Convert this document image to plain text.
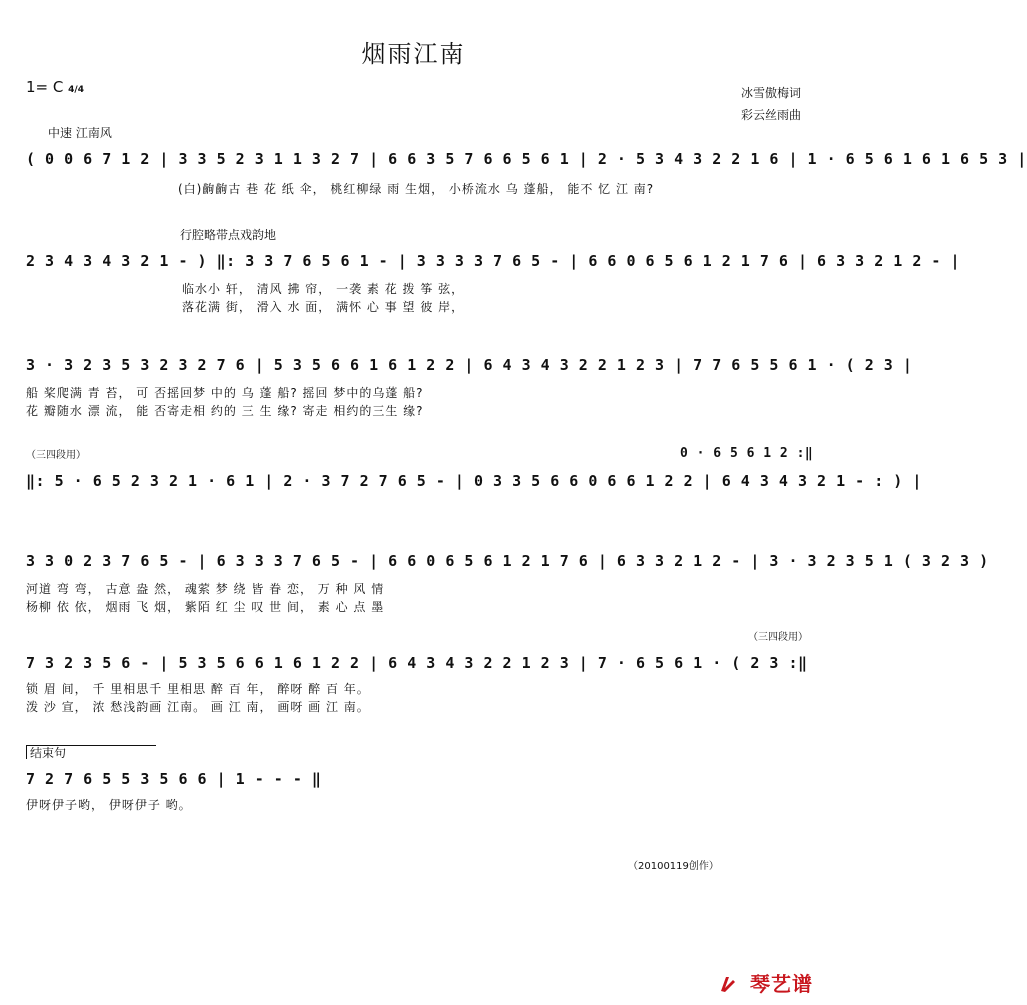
烟雨江南
1= C 4/4	冰雪傲梅词
彩云丝雨曲
中速 江南风
( 0 0 6 7 1 2 | 3 3 5 2 3 1 1 3 2 7 | 6 6 3 5 7 6 6 5 6 1 | 2 · 5 3 4 3 2 2 1 6 | 1 · 6 5 6 1 6 1 6 5 3 |
(白)齣齣古 巷 花 纸 伞， 桃红柳绿 雨 生烟， 小桥流水 乌 蓬船， 能不 忆 江 南?
行腔略带点戏韵地
2 3 4 3 4 3 2 1 - ) ‖: 3 3 7 6 5 6 1 - | 3 3 3 3 7 6 5 - | 6 6 0 6 5 6 1 2 1 7 6 | 6 3 3 2 1 2 - |
临水小 轩， 清风 拂 帘， 一袭 素 花 拨 筝 弦，
落花满 街， 滑入 水 面， 满怀 心 事 望 彼 岸，
3 · 3 2 3 5 3 2 3 2 7 6 | 5 3 5 6 6 1 6 1 2 2 | 6 4 3 4 3 2 2 1 2 3 | 7 7 6 5 5 6 1 · ( 2 3 |
船 桨爬满 青 苔， 可 否摇回梦 中的 乌 蓬 船? 摇回 梦中的乌蓬 船?
花 瓣随水 漂 流， 能 否寄走相 约的 三 生 缘? 寄走 相约的三生 缘?
（三四段用）	0 · 6 5 6 1 2 :‖
‖: 5 · 6 5 2 3 2 1 · 6 1 | 2 · 3 7 2 7 6 5 - | 0 3 3 5 6 6 0 6 6 1 2 2 | 6 4 3 4 3 2 1 - : ) |
3 3 0 2 3 7 6 5 - | 6 3 3 3 7 6 5 - | 6 6 0 6 5 6 1 2 1 7 6 | 6 3 3 2 1 2 - | 3 · 3 2 3 5 1 ( 3 2 3 )
河道 弯 弯， 古意 盎 然， 魂萦 梦 绕 皆 眷 恋， 万 种 风 情
杨柳 依 依， 烟雨 飞 烟， 紫陌 红 尘 叹 世 间， 素 心 点 墨
（三四段用）
7 3 2 3 5 6 - | 5 3 5 6 6 1 6 1 2 2 | 6 4 3 4 3 2 2 1 2 3 | 7 · 6 5 6 1 · ( 2 3 :‖
锁 眉 间， 千 里相思千 里相思 醉 百 年， 醉呀 醉 百 年。
泼 沙 宣， 浓 愁浅韵画 江南。 画 江 南， 画呀 画 江 南。
结束句
7 2 7 6 5 5 3 5 6 6 | 1 - - - ‖
伊呀伊子哟， 伊呀伊子 哟。
（20100119创作）
琴艺谱
